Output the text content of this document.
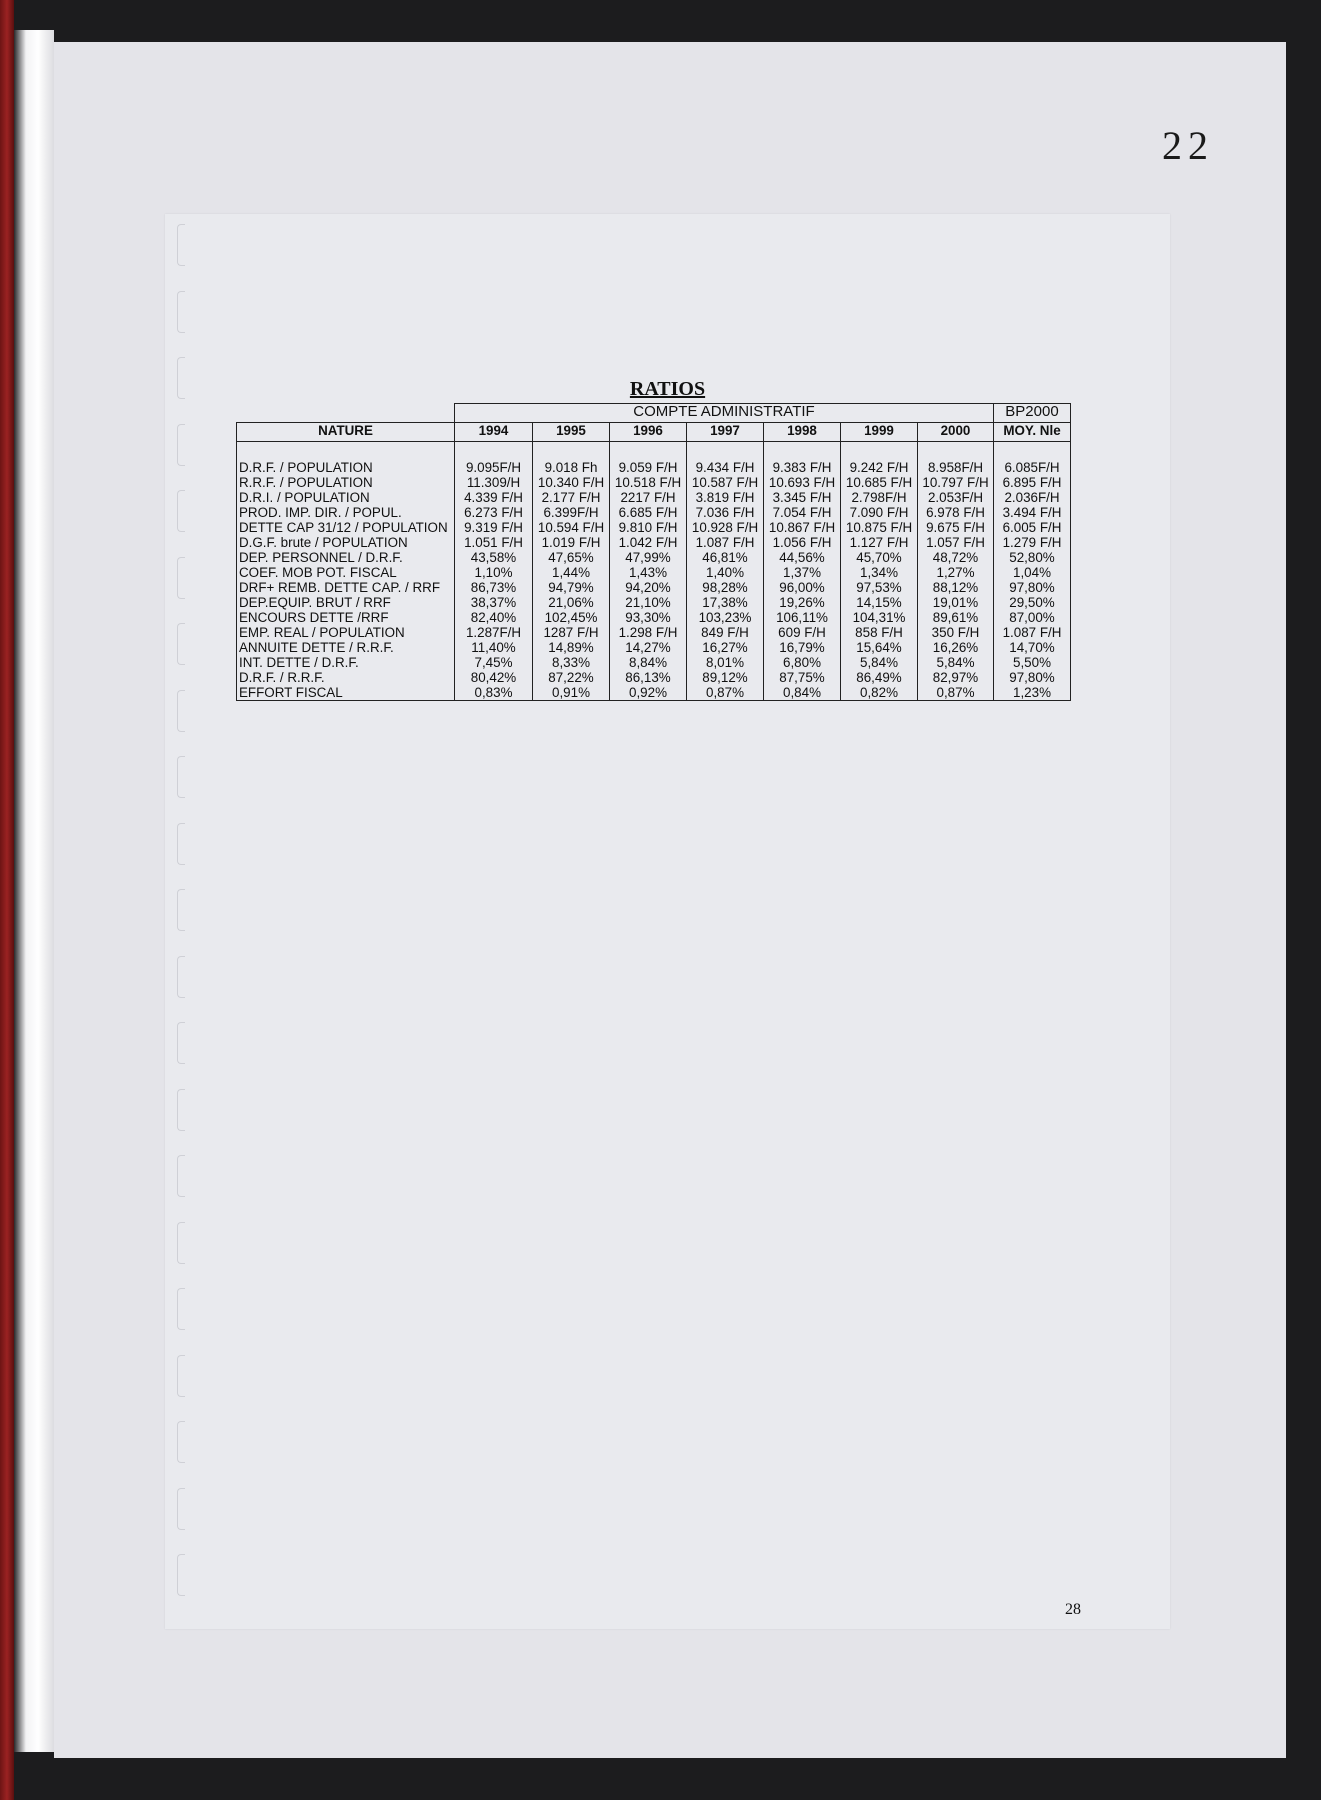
22
RATIOS
	COMPTE ADMINISTRATIF							BP2000
NATURE	1994	1995	1996	1997	1998	1999	2000	MOY. Nle

D.R.F. / POPULATION	9.095F/H	9.018 Fh	9.059 F/H	9.434 F/H	9.383 F/H	9.242 F/H	8.958F/H	6.085F/H
R.R.F. / POPULATION	11.309/H	10.340 F/H	10.518 F/H	10.587 F/H	10.693 F/H	10.685 F/H	10.797 F/H	6.895 F/H
D.R.I. / POPULATION	4.339 F/H	2.177 F/H	2217 F/H	3.819 F/H	3.345 F/H	2.798F/H	2.053F/H	2.036F/H
PROD. IMP. DIR. / POPUL.	6.273 F/H	6.399F/H	6.685 F/H	7.036 F/H	7.054 F/H	7.090 F/H	6.978 F/H	3.494 F/H
DETTE CAP 31/12 / POPULATION	9.319 F/H	10.594 F/H	9.810 F/H	10.928 F/H	10.867 F/H	10.875 F/H	9.675 F/H	6.005 F/H
D.G.F. brute / POPULATION	1.051 F/H	1.019 F/H	1.042 F/H	1.087 F/H	1.056 F/H	1.127 F/H	1.057 F/H	1.279 F/H
DEP. PERSONNEL / D.R.F.	43,58%	47,65%	47,99%	46,81%	44,56%	45,70%	48,72%	52,80%
COEF. MOB POT. FISCAL	1,10%	1,44%	1,43%	1,40%	1,37%	1,34%	1,27%	1,04%
DRF+ REMB. DETTE CAP. / RRF	86,73%	94,79%	94,20%	98,28%	96,00%	97,53%	88,12%	97,80%
DEP.EQUIP. BRUT / RRF	38,37%	21,06%	21,10%	17,38%	19,26%	14,15%	19,01%	29,50%
ENCOURS DETTE /RRF	82,40%	102,45%	93,30%	103,23%	106,11%	104,31%	89,61%	87,00%
EMP. REAL / POPULATION	1.287F/H	1287 F/H	1.298 F/H	849 F/H	609 F/H	858 F/H	350 F/H	1.087 F/H
ANNUITE DETTE / R.R.F.	11,40%	14,89%	14,27%	16,27%	16,79%	15,64%	16,26%	14,70%
INT. DETTE / D.R.F.	7,45%	8,33%	8,84%	8,01%	6,80%	5,84%	5,84%	5,50%
D.R.F. / R.R.F.	80,42%	87,22%	86,13%	89,12%	87,75%	86,49%	82,97%	97,80%
EFFORT FISCAL	0,83%	0,91%	0,92%	0,87%	0,84%	0,82%	0,87%	1,23%
28
